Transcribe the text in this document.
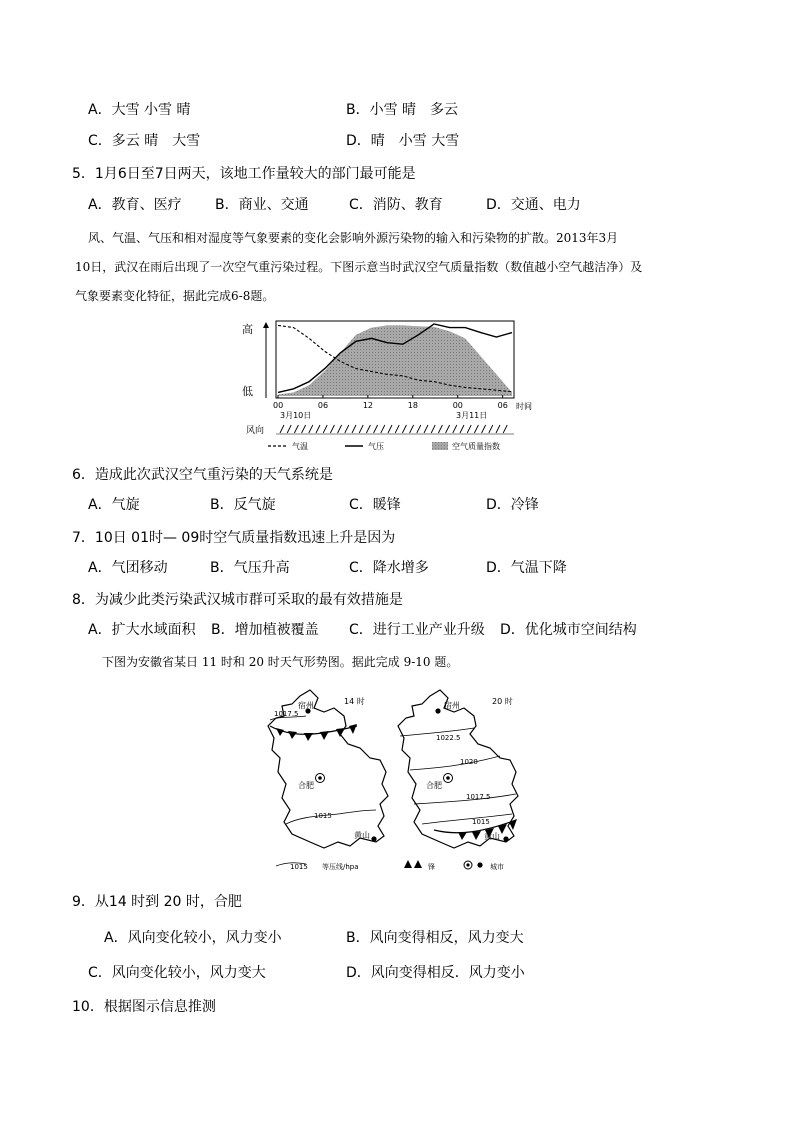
A．大雪 小雪 晴	B．小雪 晴　多云
C．多云 晴　大雪	D．晴　小雪 大雪
5．1月6日至7日两天，该地工作量较大的部门最可能是
A．教育、医疗 B．商业、交通	C．消防、教育	D．交通、电力
风、气温、气压和相对湿度等气象要素的变化会影响外源污染物的输入和污染物的扩散。2013年3月
10日，武汉在雨后出现了一次空气重污染过程。下图示意当时武汉空气质量指数（数值越小空气越洁净）及
气象要素变化特征，据此完成6-8题。
高
低
00	06	12	18	00	06 时间
3月10日	3月11日
风向
气温	气压	空气质量指数
6．造成此次武汉空气重污染的天气系统是
A．气旋	B．反气旋	C．暖锋	D．冷锋
7．10日 01时— 09时空气质量指数迅速上升是因为
A．气团移动	B．气压升高	C．降水增多	D．气温下降
8．为减少此类污染武汉城市群可采取的最有效措施是
A．扩大水域面积 B．增加植被覆盖 C．进行工业产业升级 D．优化城市空间结构
下图为安徽省某日 11 时和 20 时天气形势图。据此完成 9-10 题。
1017.5
1015
宿州
合肥
黄山
14 时
1022.5
1020
1017.5
1015
宿州
合肥
黄山
20 时
1015 等压线/hpa	锋	城市
9．从14 时到 20 时，合肥
A．风向变化较小，风力变小	B．风向变得相反，风力变大
C．风向变化较小，风力变大	D．风向变得相反．风力变小
10．根据图示信息推测
